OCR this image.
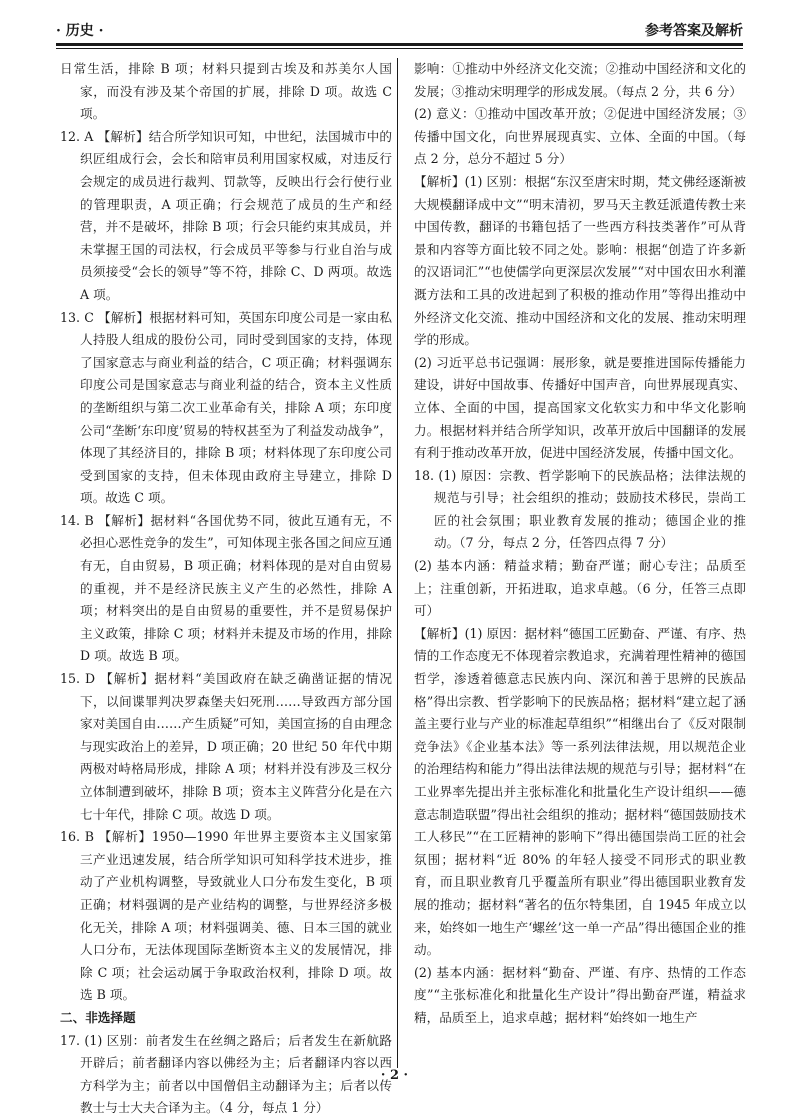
· 历史 ·	参考答案及解析

日常生活，排除 B 项；材料只提到古埃及和苏美尔人国家，而没有涉及某个帝国的扩展，排除 D 项。故选 C 项。

12. A 【解析】结合所学知识可知，中世纪，法国城市中的织匠组成行会，会长和陪审员利用国家权威，对违反行会规定的成员进行裁判、罚款等，反映出行会行使行业的管理职责，A 项正确；行会规范了成员的生产和经营，并不是破坏，排除 B 项；行会只能约束其成员，并未掌握王国的司法权，行会成员平等参与行业自治与成员须接受“会长的领导”等不符，排除 C、D 两项。故选 A 项。

13. C 【解析】根据材料可知，英国东印度公司是一家由私人持股人组成的股份公司，同时受到国家的支持，体现了国家意志与商业利益的结合，C 项正确；材料强调东印度公司是国家意志与商业利益的结合，资本主义性质的垄断组织与第二次工业革命有关，排除 A 项；东印度公司“垄断‘东印度’贸易的特权甚至为了利益发动战争”，体现了其经济目的，排除 B 项；材料体现了东印度公司受到国家的支持，但未体现由政府主导建立，排除 D 项。故选 C 项。

14. B 【解析】据材料“各国优势不同，彼此互通有无，不必担心恶性竞争的发生”，可知体现主张各国之间应互通有无，自由贸易，B 项正确；材料体现的是对自由贸易的重视，并不是经济民族主义产生的必然性，排除 A 项；材料突出的是自由贸易的重要性，并不是贸易保护主义政策，排除 C 项；材料并未提及市场的作用，排除 D 项。故选 B 项。

15. D 【解析】据材料“美国政府在缺乏确凿证据的情况下，以间谍罪判决罗森堡夫妇死刑……导致西方部分国家对美国自由……产生质疑”可知，美国宣扬的自由理念与现实政治上的差异，D 项正确；20 世纪 50 年代中期两极对峙格局形成，排除 A 项；材料并没有涉及三权分立体制遭到破坏，排除 B 项；资本主义阵营分化是在六七十年代，排除 C 项。故选 D 项。

16. B 【解析】1950—1990 年世界主要资本主义国家第三产业迅速发展，结合所学知识可知科学技术进步，推动了产业机构调整，导致就业人口分布发生变化，B 项正确；材料强调的是产业结构的调整，与世界经济多极化无关，排除 A 项；材料强调美、德、日本三国的就业人口分布，无法体现国际垄断资本主义的发展情况，排除 C 项；社会运动属于争取政治权利，排除 D 项。故选 B 项。

二、非选择题

17. (1) 区别：前者发生在丝绸之路后；后者发生在新航路开辟后；前者翻译内容以佛经为主；后者翻译内容以西方科学为主；前者以中国僧侣主动翻译为主；后者以传教士与士大夫合译为主。（4 分，每点 1 分）

影响：①推动中外经济文化交流；②推动中国经济和文化的发展；③推动宋明理学的形成发展。（每点 2 分，共 6 分）

(2) 意义：①推动中国改革开放；②促进中国经济发展；③传播中国文化，向世界展现真实、立体、全面的中国。（每点 2 分，总分不超过 5 分）

【解析】(1) 区别：根据“东汉至唐宋时期，梵文佛经逐渐被大规模翻译成中文”“明末清初，罗马天主教廷派遣传教士来中国传教，翻译的书籍包括了一些西方科技类著作”可从背景和内容等方面比较不同之处。影响：根据“创造了许多新的汉语词汇”“也使儒学向更深层次发展”“对中国农田水利灌溉方法和工具的改进起到了积极的推动作用”等得出推动中外经济文化交流、推动中国经济和文化的发展、推动宋明理学的形成。

(2) 习近平总书记强调：展形象，就是要推进国际传播能力建设，讲好中国故事、传播好中国声音，向世界展现真实、立体、全面的中国，提高国家文化软实力和中华文化影响力。根据材料并结合所学知识，改革开放后中国翻译的发展有利于推动改革开放，促进中国经济发展，传播中国文化。

18. (1) 原因：宗教、哲学影响下的民族品格；法律法规的规范与引导；社会组织的推动；鼓励技术移民，崇尚工匠的社会氛围；职业教育发展的推动；德国企业的推动。（7 分，每点 2 分，任答四点得 7 分）

(2) 基本内涵：精益求精；勤奋严谨；耐心专注；品质至上；注重创新，开拓进取，追求卓越。（6 分，任答三点即可）

【解析】(1) 原因：据材料“德国工匠勤奋、严谨、有序、热情的工作态度无不体现着宗教追求，充满着理性精神的德国哲学，渗透着德意志民族内向、深沉和善于思辨的民族品格”得出宗教、哲学影响下的民族品格；据材料“建立起了涵盖主要行业与产业的标准起草组织”“相继出台了《反对限制竞争法》《企业基本法》等一系列法律法规，用以规范企业的治理结构和能力”得出法律法规的规范与引导；据材料“在工业界率先提出并主张标准化和批量化生产设计组织——德意志制造联盟”得出社会组织的推动；据材料“德国鼓励技术工人移民”“在工匠精神的影响下”得出德国崇尚工匠的社会氛围；据材料“近 80% 的年轻人接受不同形式的职业教育，而且职业教育几乎覆盖所有职业”得出德国职业教育发展的推动；据材料“著名的伍尔特集团，自 1945 年成立以来，始终如一地生产‘螺丝’这一单一产品”得出德国企业的推动。

(2) 基本内涵：据材料“勤奋、严谨、有序、热情的工作态度”“主张标准化和批量化生产设计”得出勤奋严谨，精益求精，品质至上，追求卓越；据材料“始终如一地生产

· 2 ·
